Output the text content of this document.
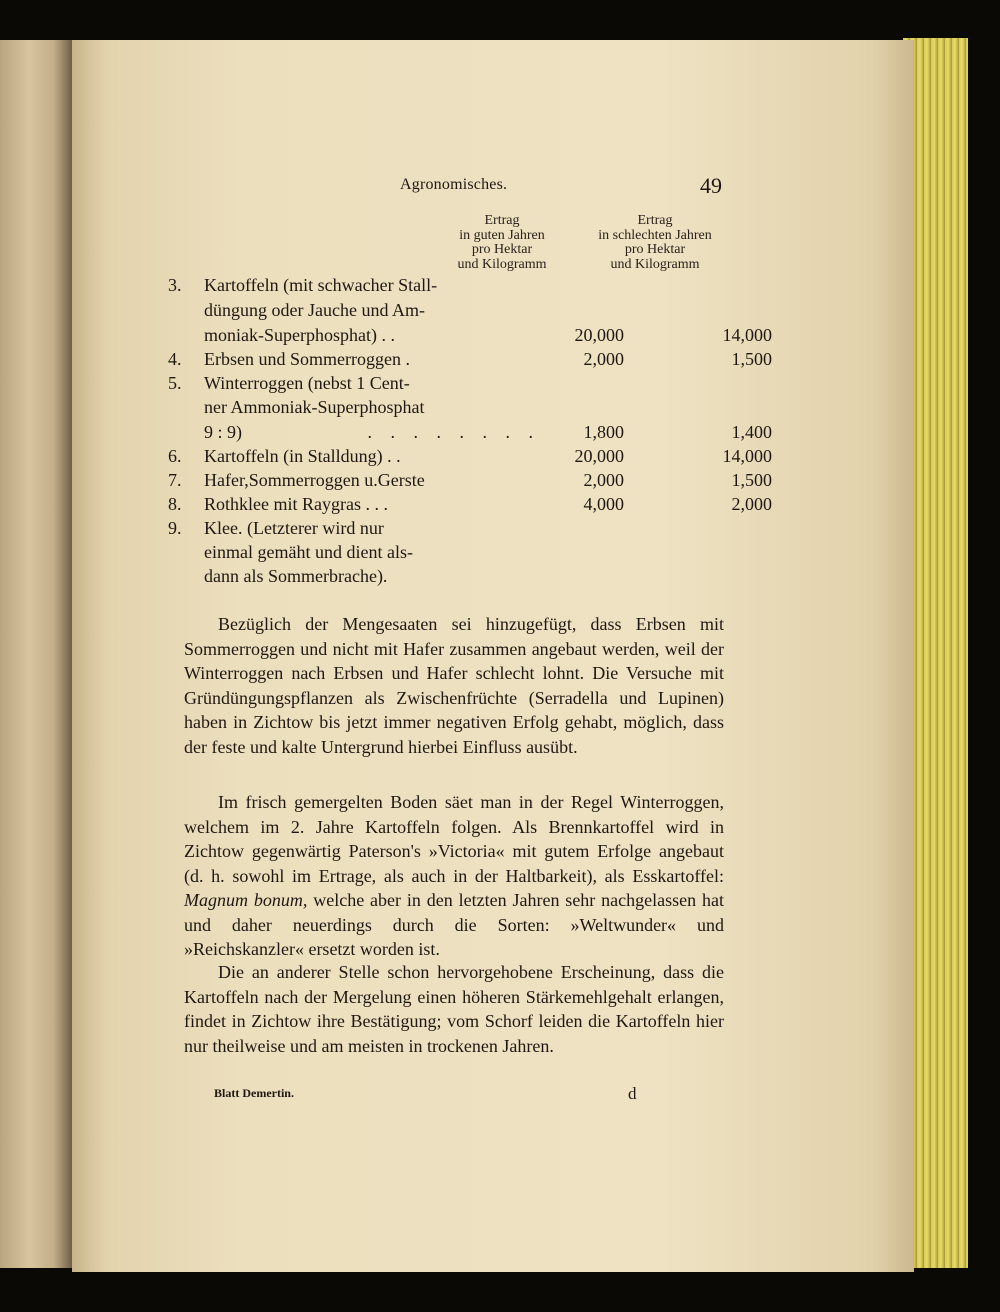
Agronomisches.	49
Ertrag
in guten Jahren
pro Hektar
und Kilogramm
Ertrag
in schlechten Jahren
pro Hektar
und Kilogramm
3.	Kartoffeln (mit schwacher Stall-
düngung oder Jauche und Am-
moniak-Superphosphat) . .	20,000	14,000
4.	Erbsen und Sommerroggen .	2,000	1,500
5.	Winterroggen (nebst 1 Cent-
ner Ammoniak-Superphosphat
9 : 9)	. . . . . . . .	1,800	1,400
6.	Kartoffeln (in Stalldung) . .	20,000	14,000
7.	Hafer,Sommerroggen u.Gerste	2,000	1,500
8.	Rothklee mit Raygras . . .	4,000	2,000
9.	Klee. (Letzterer wird nur
einmal gemäht und dient als-
dann als Sommerbrache).

Bezüglich der Mengesaaten sei hinzugefügt, dass Erbsen mit Sommerroggen und nicht mit Hafer zusammen angebaut werden, weil der Winterroggen nach Erbsen und Hafer schlecht lohnt. Die Versuche mit Gründüngungspflanzen als Zwischenfrüchte (Serradella und Lupinen) haben in Zichtow bis jetzt immer negativen Erfolg gehabt, möglich, dass der feste und kalte Untergrund hierbei Einfluss ausübt.

Im frisch gemergelten Boden säet man in der Regel Winterroggen, welchem im 2. Jahre Kartoffeln folgen. Als Brennkartoffel wird in Zichtow gegenwärtig Paterson's »Victoria« mit gutem Erfolge angebaut (d. h. sowohl im Ertrage, als auch in der Haltbarkeit), als Esskartoffel: Magnum bonum, welche aber in den letzten Jahren sehr nachgelassen hat und daher neuerdings durch die Sorten: »Weltwunder« und »Reichskanzler« ersetzt worden ist.

Die an anderer Stelle schon hervorgehobene Erscheinung, dass die Kartoffeln nach der Mergelung einen höheren Stärkemehlgehalt erlangen, findet in Zichtow ihre Bestätigung; vom Schorf leiden die Kartoffeln hier nur theilweise und am meisten in trockenen Jahren.

Blatt Demertin.	d
